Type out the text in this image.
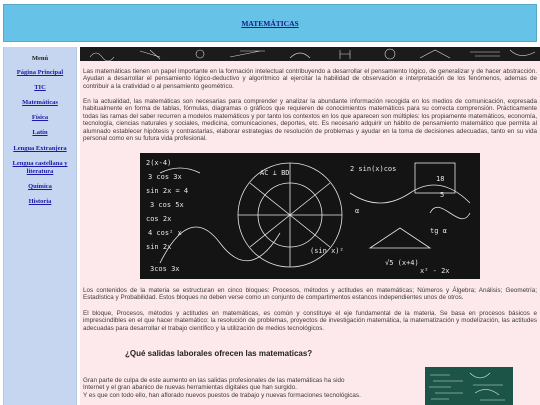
MATEMÁTICAS
Menú
Página Principal
TIC
Matemáticas
Física
Latín
Lengua Extranjera
Lengua castellana y literatura
Química
Historia

Las matemáticas tienen un papel importante en la formación intelectual contribuyendo a desarrollar el pensamiento lógico, de generalizar y de hacer abstracción. Ayudan a desarrollar el pensamiento lógico-deductivo y algorítmico al ejercitar la habilidad de observación e interpretación de los fenómenos, ademas de contribuir a la cratividad o al pensamiento geométrico.

En la actualidad, las matemáticas son necesarias para comprender y analizar la abundante información recogida en los medios de comunicación, expresada habitualmente en forma de tablas, fórmulas, diagramas o gráficos que requieren de conocimientos matemáticos para su correcta comprensión. Prácticamente todas las ramas del saber recurren a modelos matemáticos y por tanto los contextos en los que aparecen son múltiples: los propiamente matemáticos, economía, tecnología, ciencias naturales y sociales, medicina, comunicaciones, deportes, etc. Es necesario adquirir un hábito de pensamiento matemático que permita al alumnado establecer hipótesis y contrastarlas, elaborar estrategias de resolución de problemas y ayudar en la toma de decisiones adecuadas, tanto en su vida personal como en su futura vida profesional.

2(x-4)
3 cos 3x
sin 2x = 4
3 cos 5x
cos 2x
4 cos² x
sin 2x
3cos 3x
AC ⊥ BD
(sin x)²
2 sin(x)cos
α
√5 (x+4)
18
5
tg α
x² - 2x

Los contenidos de la materia se estructuran en cinco bloques: Procesos, métodos y actitudes en matemáticas; Números y Álgebra; Análisis; Geometría; Estadística y Probabilidad. Estos bloques no deben verse como un conjunto de compartimentos estancos independientes unos de otros.

El bloque, Procesos, métodos y actitudes en matemáticas, es común y constituye el eje fundamental de la materia. Se basa en procesos básicos e imprescindibles en el que hacer matemático: la resolución de problemas, proyectos de investigación matemática, la matematización y modelización, las actitudes adecuadas para desarrollar el trabajo científico y la utilización de medios tecnológicos.

¿Qué salidas laborales ofrecen las matematicas?
Gran parte de culpa de este aumento en las salidas profesionales de las matemáticas ha sido
Internet y el gran abanico de nuevas herramientas digitales que han surgido.
Y es que con todo ello, han aflorado nuevos puestos de trabajo y nuevas formaciones tecnológicas.
